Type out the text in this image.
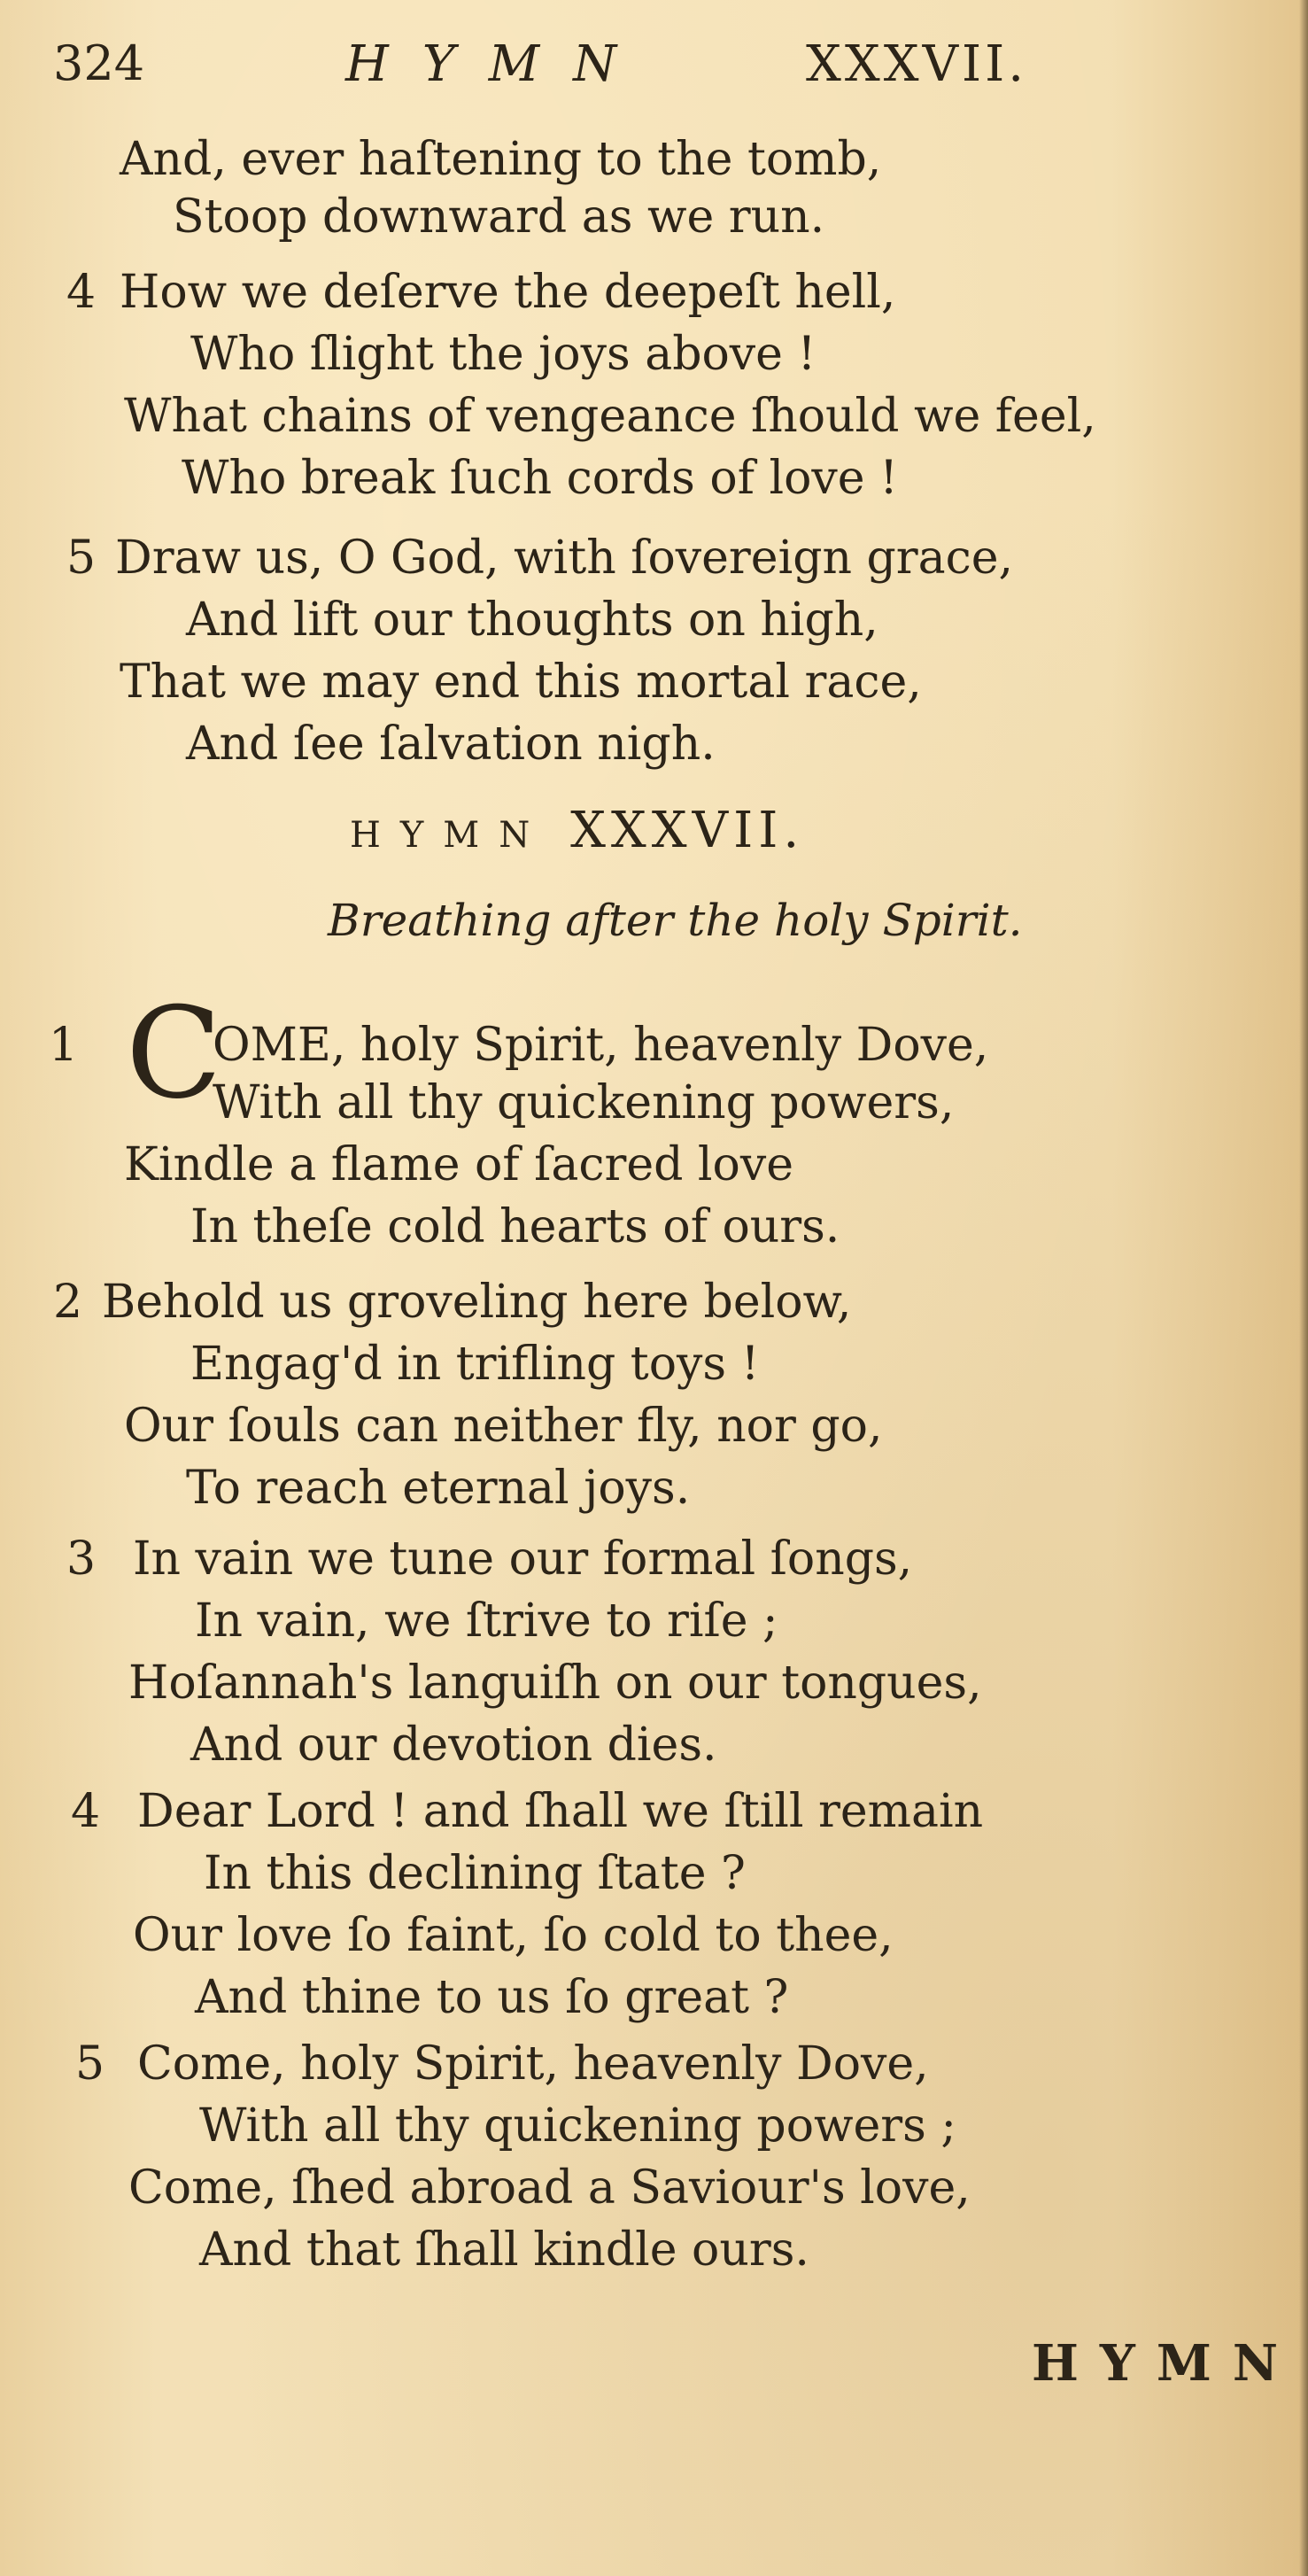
324	HYMN	XXXVII.
And, ever haſtening to the tomb,
Stoop downward as we run.
4 How we deſerve the deepeſt hell,
Who ſlight the joys above !
What chains of vengeance ſhould we feel,
Who break ſuch cords of love !
5 Draw us, O God, with ſovereign grace,
And lift our thoughts on high,
That we may end this mortal race,
And ſee ſalvation nigh.
HYMN XXXVII.
Breathing after the holy Spirit.
1 C
OME, holy Spirit, heavenly Dove,
With all thy quickening powers,
Kindle a flame of ſacred love
In theſe cold hearts of ours.
2 Behold us groveling here below,
Engag'd in trifling toys !
Our ſouls can neither fly, nor go,
To reach eternal joys.
3 In vain we tune our formal ſongs,
In vain, we ſtrive to riſe ;
Hoſannah's languiſh on our tongues,
And our devotion dies.
4 Dear Lord ! and ſhall we ſtill remain
In this declining ſtate ?
Our love ſo faint, ſo cold to thee,
And thine to us ſo great ?
5 Come, holy Spirit, heavenly Dove,
With all thy quickening powers ;
Come, ſhed abroad a Saviour's love,
And that ſhall kindle ours.
HYMN
